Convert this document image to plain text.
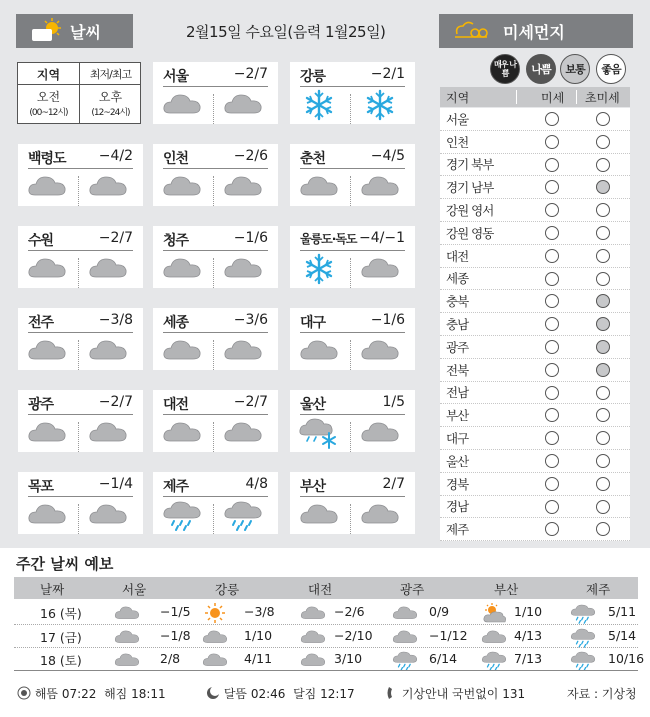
날씨	2월15일 수요일(음력 1월25일)	미세먼지
지역	최저/최고
오전
(00~12시)
오후
(12~24시)
서울	−2/7 강릉	−2/1
백령도 −4/2 인천	−2/6 춘천	−4/5
수원	−2/7 청주	−1/6	울릉도·독도 −4/−1
전주	−3/8 세종	−3/6 대구	−1/6
광주	−2/7 대전	−2/7 울산	1/5
목포	−1/4 제주	4/8 부산	2/7
매우 나쁨	나쁨	보통	좋음
지역	미세 초미세
서울
인천
경기 북부
경기 남부
강원 영서
강원 영동
대전
세종
충북
충남
광주
전북
전남
부산
대구
울산
경북
경남
제주
주간 날씨 예보
날짜	서울	강릉	대전	광주	부산	제주
16 (목)	−1/5	−3/8	−2/6	0/9	1/10	5/11
17 (금)	−1/8	1/10	−2/10	−1/12	4/13	5/14
18 (토)	2/8	4/11	3/10	6/14	7/13	10/16
해뜸 07:22 해짐 18:11	달뜸 02:46 달짐 12:17	기상안내 국번없이 131	자료 : 기상청
